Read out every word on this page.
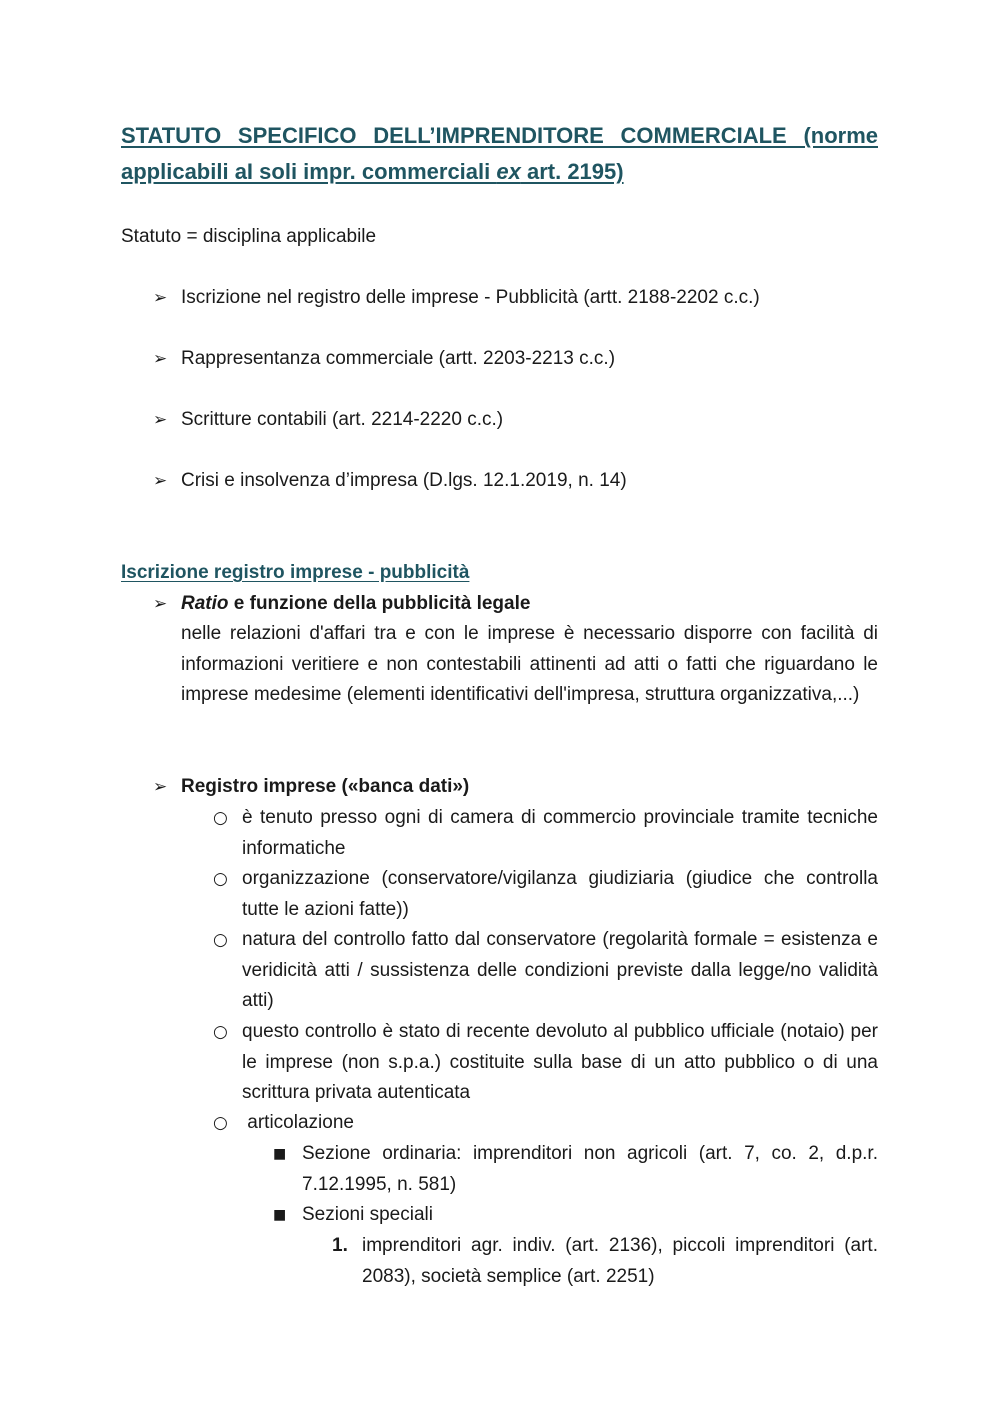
STATUTO SPECIFICO DELL’IMPRENDITORE COMMERCIALE (norme
applicabili aI soli impr. commerciali ex art. 2195)

Statuto = disciplina applicabile

➢ Iscrizione nel registro delle imprese - Pubblicità (artt. 2188-2202 c.c.)
➢ Rappresentanza commerciale (artt. 2203-2213 c.c.)
➢ Scritture contabili (art. 2214-2220 c.c.)
➢ Crisi e insolvenza d’impresa (D.lgs. 12.1.2019, n. 14)
Iscrizione registro imprese - pubblicità
➢ Ratio e funzione della pubblicità legale

nelle relazioni d'affari tra e con le imprese è necessario disporre con facilità di informazioni veritiere e non contestabili attinenti ad atti o fatti che riguardano le imprese medesime (elementi identificativi dell'impresa, struttura organizzativa,...)

➢ Registro imprese («banca dati»)
○ è tenuto presso ogni di camera di commercio provinciale tramite tecniche informatiche
○ organizzazione (conservatore/vigilanza giudiziaria (giudice che controlla tutte le azioni fatte))
○ natura del controllo fatto dal conservatore (regolarità formale = esistenza e veridicità atti / sussistenza delle condizioni previste dalla legge/no validità atti)
○ questo controllo è stato di recente devoluto al pubblico ufficiale (notaio) per le imprese (non s.p.a.) costituite sulla base di un atto pubblico o di una scrittura privata autenticata
○ articolazione
■ Sezione ordinaria: imprenditori non agricoli (art. 7, co. 2, d.p.r. 7.12.1995, n. 581)
■ Sezioni speciali
1. imprenditori agr. indiv. (art. 2136), piccoli imprenditori (art. 2083), società semplice (art. 2251)
